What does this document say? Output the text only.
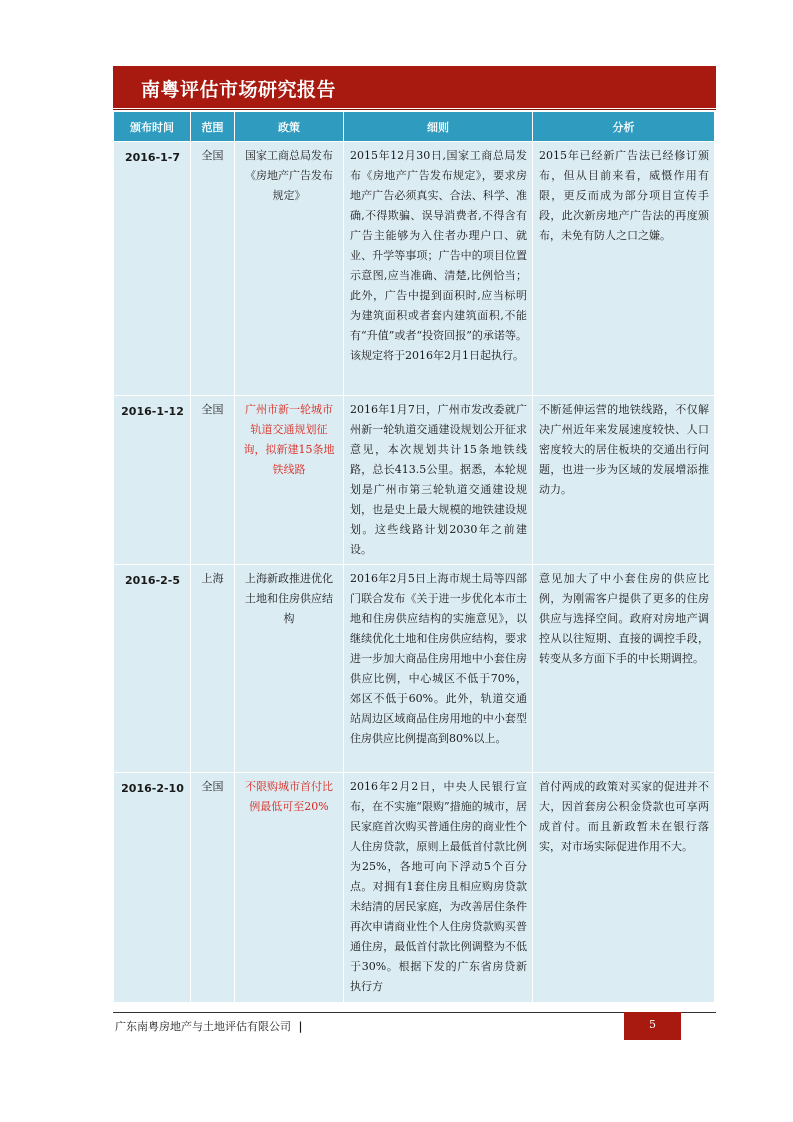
南粤评估市场研究报告
颁布时间	范围	政策	细则	分析
2016-1-7	全国	国家工商总局发布《房地产广告发布规定》	2015年12月30日,国家工商总局发布《房地产广告发布规定》，要求房地产广告必须真实、合法、科学、准确,不得欺骗、误导消费者,不得含有广告主能够为入住者办理户口、就业、升学等事项；广告中的项目位置示意图,应当准确、清楚,比例恰当；此外，广告中提到面积时,应当标明为建筑面积或者套内建筑面积,不能有“升值”或者“投资回报”的承诺等。该规定将于2016年2月1日起执行。	2015年已经新广告法已经修订颁布，但从目前来看，威慑作用有限，更反而成为部分项目宣传手段，此次新房地产广告法的再度颁布，未免有防人之口之嫌。
2016-1-12	全国	广州市新一轮城市轨道交通规划征询，拟新建15条地铁线路	2016年1月7日，广州市发改委就广州新一轮轨道交通建设规划公开征求意见，本次规划共计15条地铁线路，总长413.5公里。据悉，本轮规划是广州市第三轮轨道交通建设规划，也是史上最大规模的地铁建设规划。这些线路计划2030年之前建设。	不断延伸运营的地铁线路，不仅解决广州近年来发展速度较快、人口密度较大的居住板块的交通出行问题，也进一步为区域的发展增添推动力。
2016-2-5	上海	上海新政推进优化土地和住房供应结构	2016年2月5日上海市规土局等四部门联合发布《关于进一步优化本市土地和住房供应结构的实施意见》，以继续优化土地和住房供应结构，要求进一步加大商品住房用地中小套住房供应比例，中心城区不低于70%，郊区不低于60%。此外，轨道交通站周边区域商品住房用地的中小套型住房供应比例提高到80%以上。	意见加大了中小套住房的供应比例，为刚需客户提供了更多的住房供应与选择空间。政府对房地产调控从以往短期、直接的调控手段，转变从多方面下手的中长期调控。
2016-2-10	全国	不限购城市首付比例最低可至20%	2016年2月2日，中央人民银行宣布，在不实施“限购”措施的城市，居民家庭首次购买普通住房的商业性个人住房贷款，原则上最低首付款比例为25%，各地可向下浮动5个百分点。对拥有1套住房且相应购房贷款未结清的居民家庭，为改善居住条件再次申请商业性个人住房贷款购买普通住房，最低首付款比例调整为不低于30%。根据下发的广东省房贷新执行方	首付两成的政策对买家的促进并不大，因首套房公积金贷款也可享两成首付。而且新政暂未在银行落实，对市场实际促进作用不大。
广东南粤房地产与土地评估有限公司 |	5
